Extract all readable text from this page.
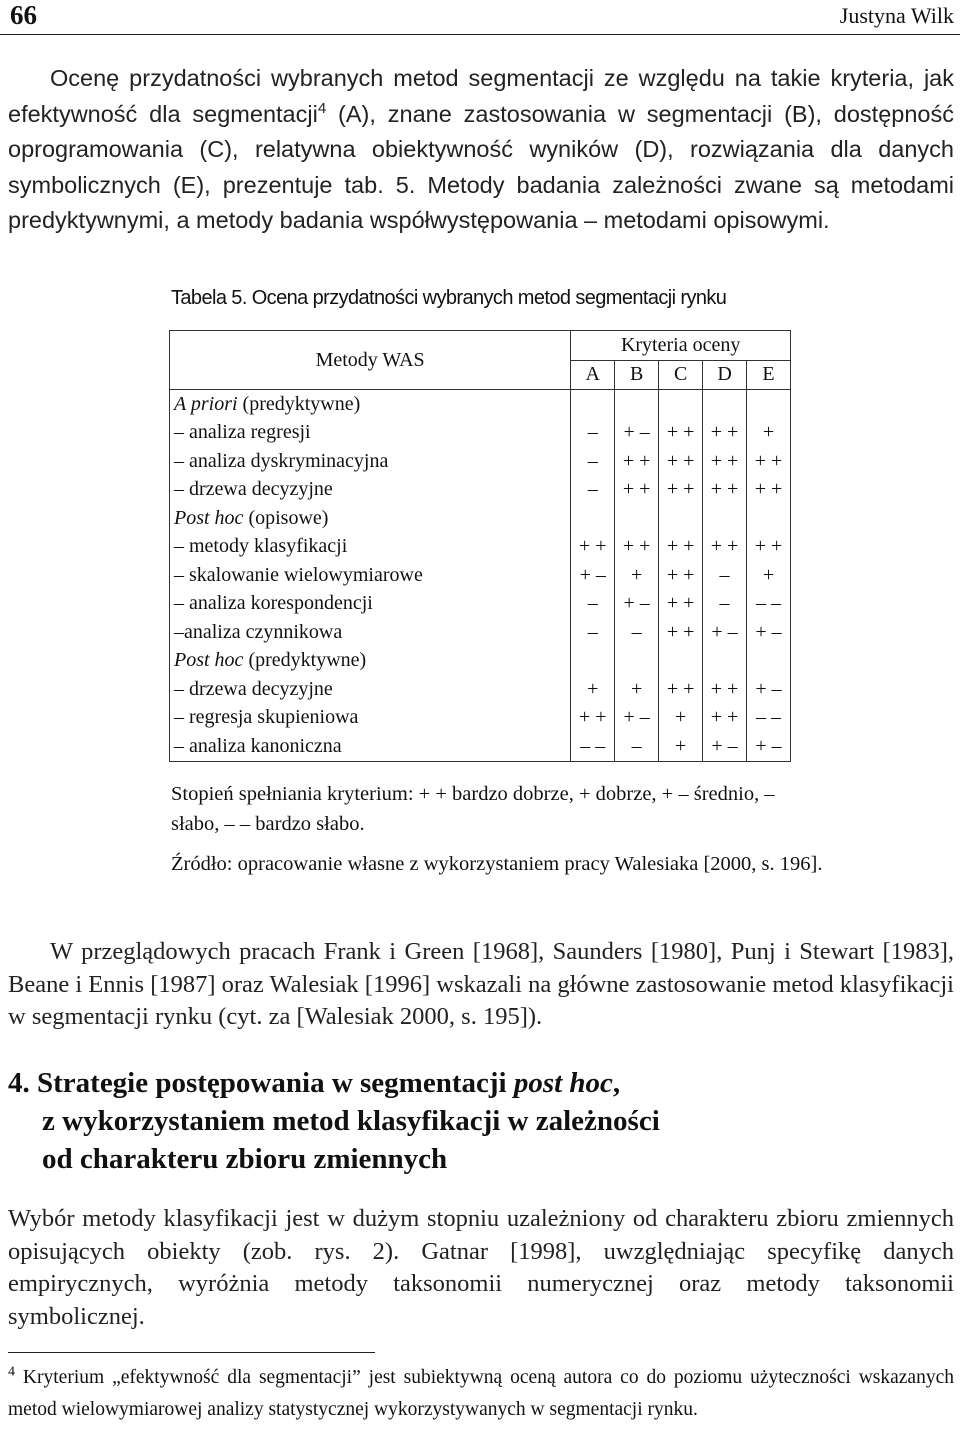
66	Justyna Wilk

Ocenę przydatności wybranych metod segmentacji ze względu na takie kryteria, jak efektywność dla segmentacji$^4$ (A), znane zastosowania w segmentacji (B), dostępność oprogramowania (C), relatywna obiektywność wyników (D), rozwiązania dla danych symbolicznych (E), prezentuje tab. 5. Metody badania zależności zwane są metodami predyktywnymi, a metody badania współwystępowania – metodami opisowymi.

Tabela 5. Ocena przydatności wybranych metod segmentacji rynku
Metody WAS	Kryteria oceny				
	A	B	C	D	E
A priori (predyktywne)					
– analiza regresji	–	+ –	+ +	+ +	+
– analiza dyskryminacyjna	–	+ +	+ +	+ +	+ +
– drzewa decyzyjne	–	+ +	+ +	+ +	+ +
Post hoc (opisowe)					
– metody klasyfikacji	+ +	+ +	+ +	+ +	+ +
– skalowanie wielowymiarowe	+ –	+	+ +	–	+
– analiza korespondencji	–	+ –	+ +	–	– –
–analiza czynnikowa	–	–	+ +	+ –	+ –
Post hoc (predyktywne)					
– drzewa decyzyjne	+	+	+ +	+ +	+ –
– regresja skupieniowa	+ +	+ –	+	+ +	– –
– analiza kanoniczna	– –	–	+	+ –	+ –

Stopień spełniania kryterium: + + bardzo dobrze, + dobrze, + – średnio, – słabo, – – bardzo słabo.

Źródło: opracowanie własne z wykorzystaniem pracy Walesiaka [2000, s. 196].

W przeglądowych pracach Frank i Green [1968], Saunders [1980], Punj i Stewart [1983], Beane i Ennis [1987] oraz Walesiak [1996] wskazali na główne zastosowanie metod klasyfikacji w segmentacji rynku (cyt. za [Walesiak 2000, s. 195]).

4. Strategie postępowania w segmentacji post hoc,
z wykorzystaniem metod klasyfikacji w zależności
od charakteru zbioru zmiennych

Wybór metody klasyfikacji jest w dużym stopniu uzależniony od charakteru zbioru zmiennych opisujących obiekty (zob. rys. 2). Gatnar [1998], uwzględniając specyfikę danych empirycznych, wyróżnia metody taksonomii numerycznej oraz metody taksonomii symbolicznej.

$^4$ Kryterium „efektywność dla segmentacji” jest subiektywną oceną autora co do poziomu użyteczności wskazanych metod wielowymiarowej analizy statystycznej wykorzystywanych w segmentacji rynku.
